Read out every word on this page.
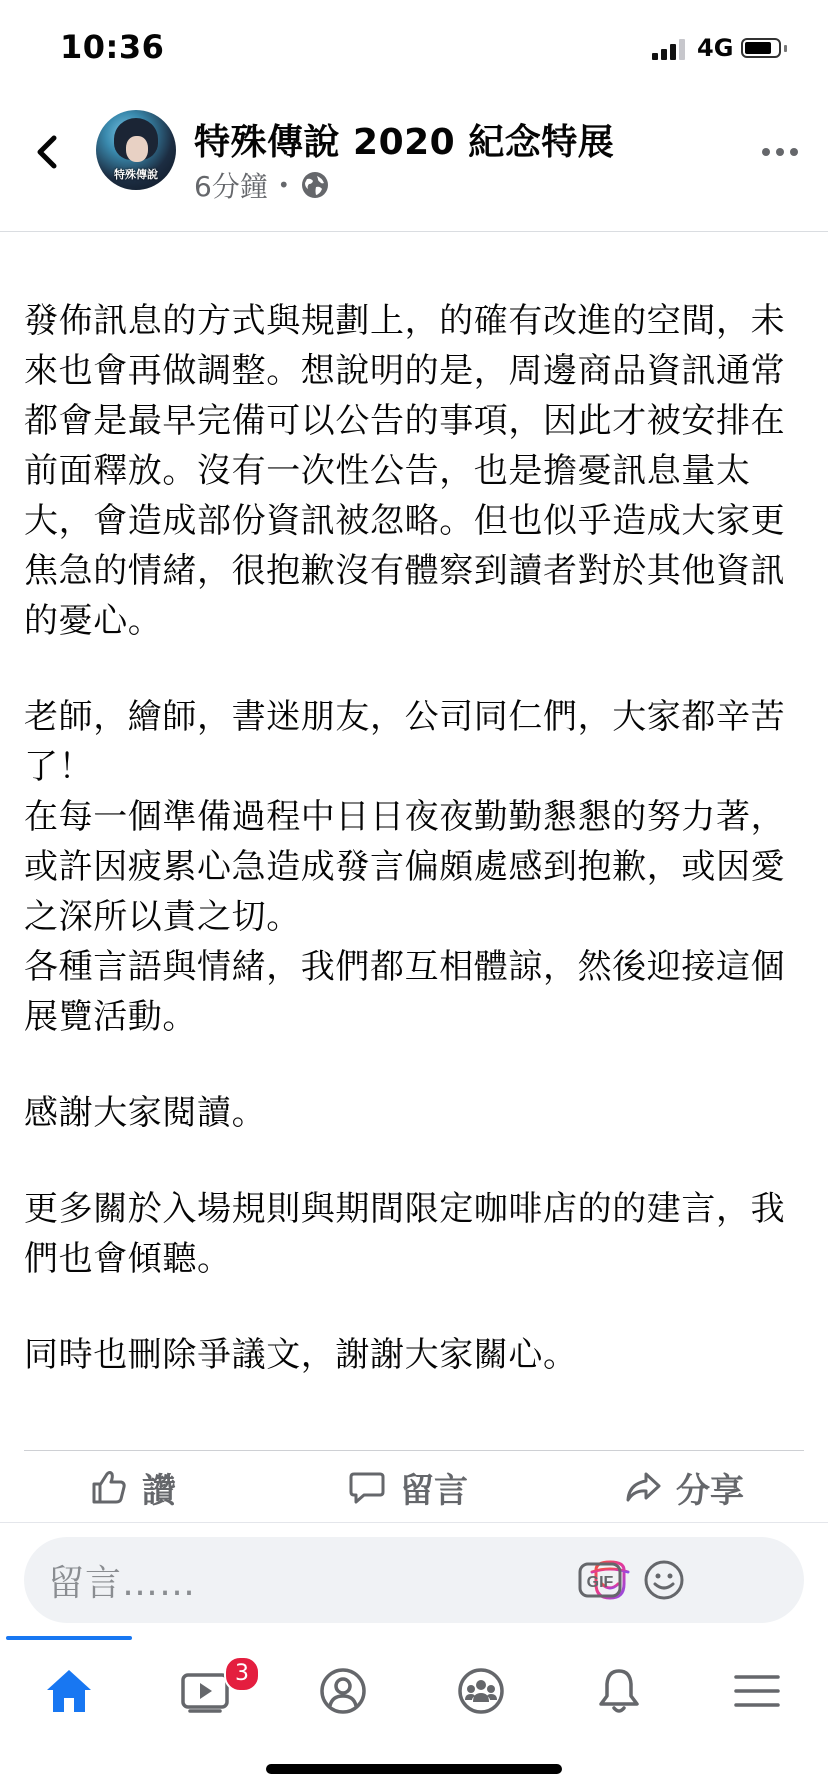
10:36	4G
特殊傳說
特殊傳說 2020 紀念特展
6分鐘 •

發佈訊息的方式與規劃上，的確有改進的空間，未來也會再做調整。想說明的是，周邊商品資訊通常都會是最早完備可以公告的事項，因此才被安排在前面釋放。沒有一次性公告，也是擔憂訊息量太大，會造成部份資訊被忽略。但也似乎造成大家更焦急的情緒，很抱歉沒有體察到讀者對於其他資訊的憂心。

老師，繪師，書迷朋友，公司同仁們，大家都辛苦了！
在每一個準備過程中日日夜夜勤勤懇懇的努力著，
或許因疲累心急造成發言偏頗處感到抱歉，或因愛之深所以責之切。
各種言語與情緒，我們都互相體諒，然後迎接這個展覽活動。

感謝大家閱讀。

更多關於入場規則與期間限定咖啡店的的建言，我們也會傾聽。

同時也刪除爭議文，謝謝大家關心。

讚	留言	分享
留言……	GIF
3
